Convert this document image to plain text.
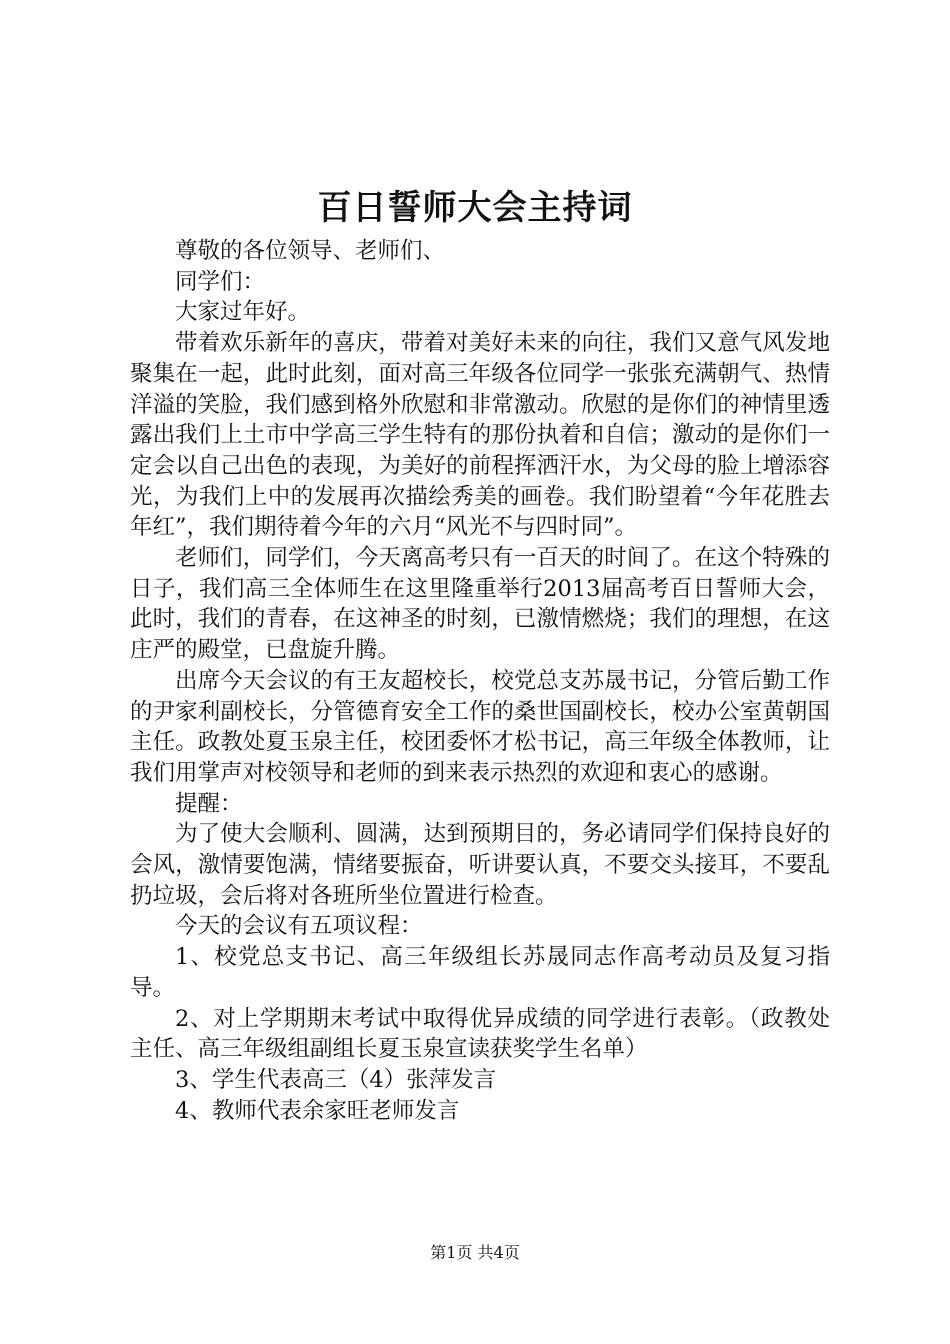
百日誓师大会主持词

尊敬的各位领导、老师们、

同学们：

大家过年好。

带着欢乐新年的喜庆，带着对美好未来的向往，我们又意气风发地聚集在一起，此时此刻，面对高三年级各位同学一张张充满朝气、热情洋溢的笑脸，我们感到格外欣慰和非常激动。欣慰的是你们的神情里透露出我们上土市中学高三学生特有的那份执着和自信；激动的是你们一定会以自己出色的表现，为美好的前程挥洒汗水，为父母的脸上增添容光，为我们上中的发展再次描绘秀美的画卷。我们盼望着“今年花胜去年红”，我们期待着今年的六月“风光不与四时同”。

老师们，同学们，今天离高考只有一百天的时间了。在这个特殊的日子，我们高三全体师生在这里隆重举行2013届高考百日誓师大会，此时，我们的青春，在这神圣的时刻，已激情燃烧；我们的理想，在这庄严的殿堂，已盘旋升腾。

出席今天会议的有王友超校长，校党总支苏晟书记，分管后勤工作的尹家利副校长，分管德育安全工作的桑世国副校长，校办公室黄朝国主任。政教处夏玉泉主任，校团委怀才松书记，高三年级全体教师，让我们用掌声对校领导和老师的到来表示热烈的欢迎和衷心的感谢。

提醒：

为了使大会顺利、圆满，达到预期目的，务必请同学们保持良好的会风，激情要饱满，情绪要振奋，听讲要认真，不要交头接耳，不要乱扔垃圾，会后将对各班所坐位置进行检查。

今天的会议有五项议程：

1、校党总支书记、高三年级组长苏晟同志作高考动员及复习指导。

2、对上学期期末考试中取得优异成绩的同学进行表彰。（政教处主任、高三年级组副组长夏玉泉宣读获奖学生名单）

3、学生代表高三（4）张萍发言

4、教师代表余家旺老师发言

第1页 共4页
